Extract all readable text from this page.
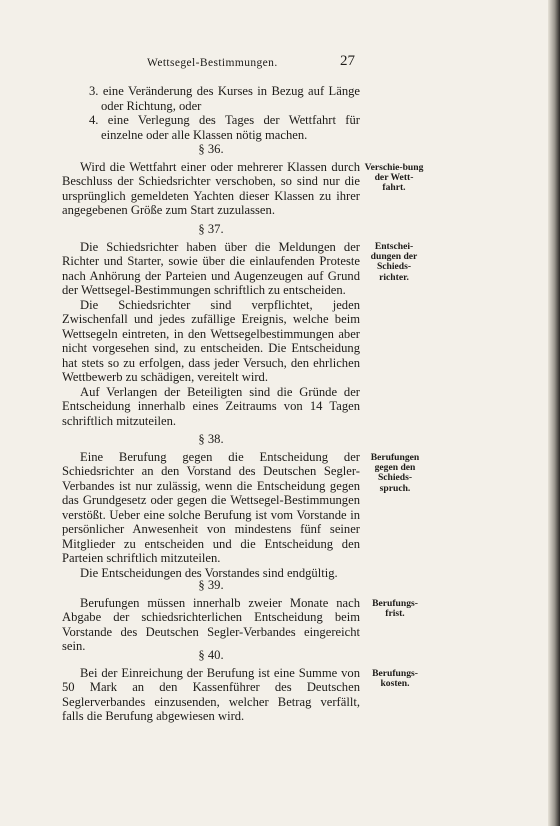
Wettsegel-Bestimmungen.	27

3. eine Veränderung des Kurses in Bezug auf Länge oder Richtung, oder

4. eine Verlegung des Tages der Wettfahrt für einzelne oder alle Klassen nötig machen.

§ 36.

Wird die Wettfahrt einer oder mehrerer Klassen durch Beschluss der Schiedsrichter verschoben, so sind nur die ursprünglich gemeldeten Yachten dieser Klassen zu ihrer angegebenen Größe zum Start zuzulassen.

Verschie-bung der Wett-fahrt.

§ 37.

Die Schiedsrichter haben über die Meldungen der Richter und Starter, sowie über die einlaufenden Proteste nach Anhörung der Parteien und Augenzeugen auf Grund der Wettsegel-Bestimmungen schriftlich zu entscheiden.

Die Schiedsrichter sind verpflichtet, jeden Zwischenfall und jedes zufällige Ereignis, welche beim Wettsegeln eintreten, in den Wettsegelbestimmungen aber nicht vorgesehen sind, zu entscheiden. Die Entscheidung hat stets so zu erfolgen, dass jeder Versuch, den ehrlichen Wettbewerb zu schädigen, vereitelt wird.

Auf Verlangen der Beteiligten sind die Gründe der Entscheidung innerhalb eines Zeitraums von 14 Tagen schriftlich mitzuteilen.

Entschei-dungen der Schieds-richter.

§ 38.

Eine Berufung gegen die Entscheidung der Schiedsrichter an den Vorstand des Deutschen Segler-Verbandes ist nur zulässig, wenn die Entscheidung gegen das Grundgesetz oder gegen die Wettsegel-Bestimmungen verstößt. Ueber eine solche Berufung ist vom Vorstande in persönlicher Anwesenheit von mindestens fünf seiner Mitglieder zu entscheiden und die Entscheidung den Parteien schriftlich mitzuteilen.

Die Entscheidungen des Vorstandes sind endgültig.

Berufungen gegen den Schieds-spruch.

§ 39.

Berufungen müssen innerhalb zweier Monate nach Abgabe der schiedsrichterlichen Entscheidung beim Vorstande des Deutschen Segler-Verbandes eingereicht sein.

Berufungs-frist.

§ 40.

Bei der Einreichung der Berufung ist eine Summe von 50 Mark an den Kassenführer des Deutschen Seglerverbandes einzusenden, welcher Betrag verfällt, falls die Berufung abgewiesen wird.

Berufungs-kosten.
